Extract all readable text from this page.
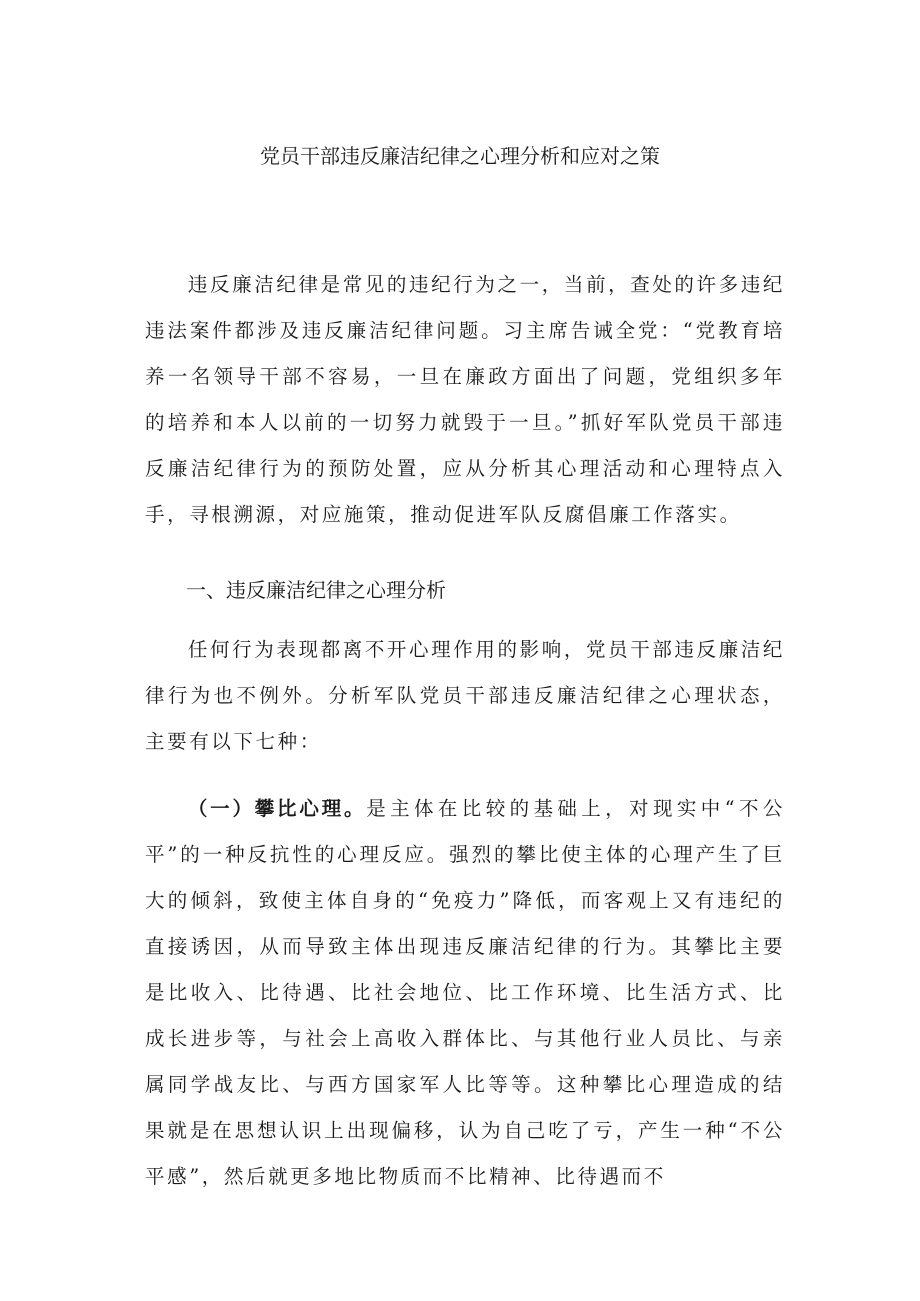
党员干部违反廉洁纪律之心理分析和应对之策

违反廉洁纪律是常见的违纪行为之一，当前，查处的许多违纪违法案件都涉及违反廉洁纪律问题。习主席告诫全党：“党教育培养一名领导干部不容易，一旦在廉政方面出了问题，党组织多年的培养和本人以前的一切努力就毁于一旦。”抓好军队党员干部违反廉洁纪律行为的预防处置，应从分析其心理活动和心理特点入手，寻根溯源，对应施策，推动促进军队反腐倡廉工作落实。

一、违反廉洁纪律之心理分析

任何行为表现都离不开心理作用的影响，党员干部违反廉洁纪律行为也不例外。分析军队党员干部违反廉洁纪律之心理状态，主要有以下七种：

（一）攀比心理。是主体在比较的基础上，对现实中“不公平”的一种反抗性的心理反应。强烈的攀比使主体的心理产生了巨大的倾斜，致使主体自身的“免疫力”降低，而客观上又有违纪的直接诱因，从而导致主体出现违反廉洁纪律的行为。其攀比主要是比收入、比待遇、比社会地位、比工作环境、比生活方式、比成长进步等，与社会上高收入群体比、与其他行业人员比、与亲属同学战友比、与西方国家军人比等等。这种攀比心理造成的结果就是在思想认识上出现偏移，认为自己吃了亏，产生一种“不公平感”，然后就更多地比物质而不比精神、比待遇而不
